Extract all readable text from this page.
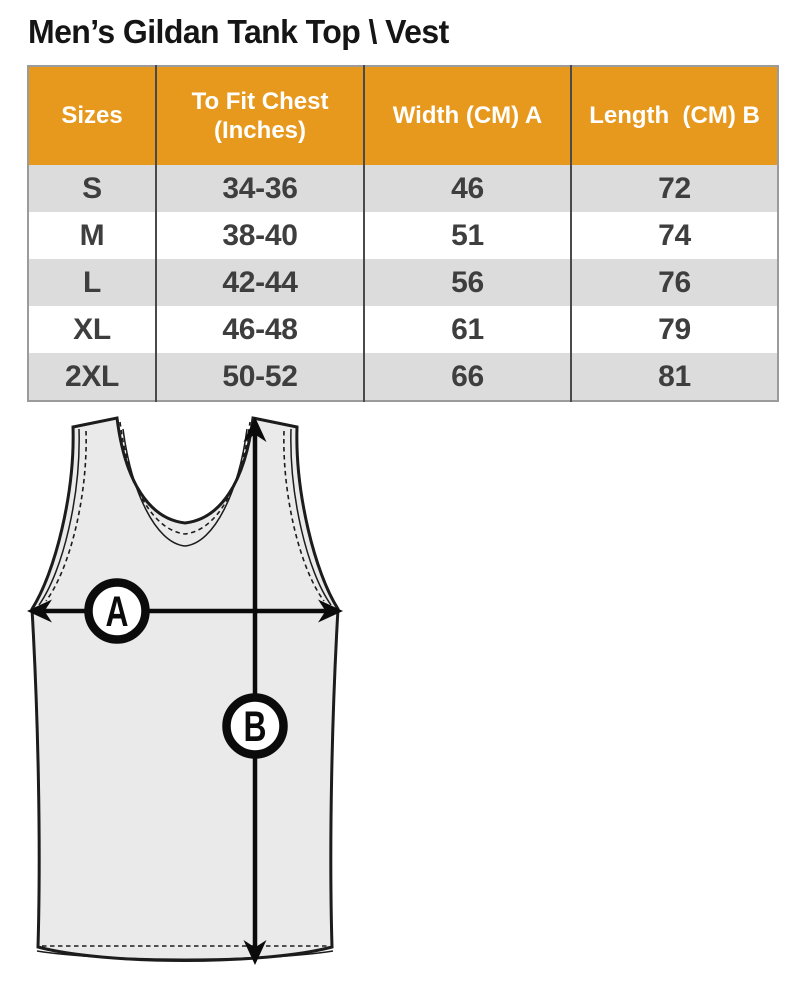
Men’s Gildan Tank Top \ Vest
Sizes	To Fit Chest (Inches)	Width (CM) A	Length  (CM) B
S	34-36	46	72
M	38-40	51	74
L	42-44	56	76
XL	46-48	61	79
2XL	50-52	66	81
A
B
